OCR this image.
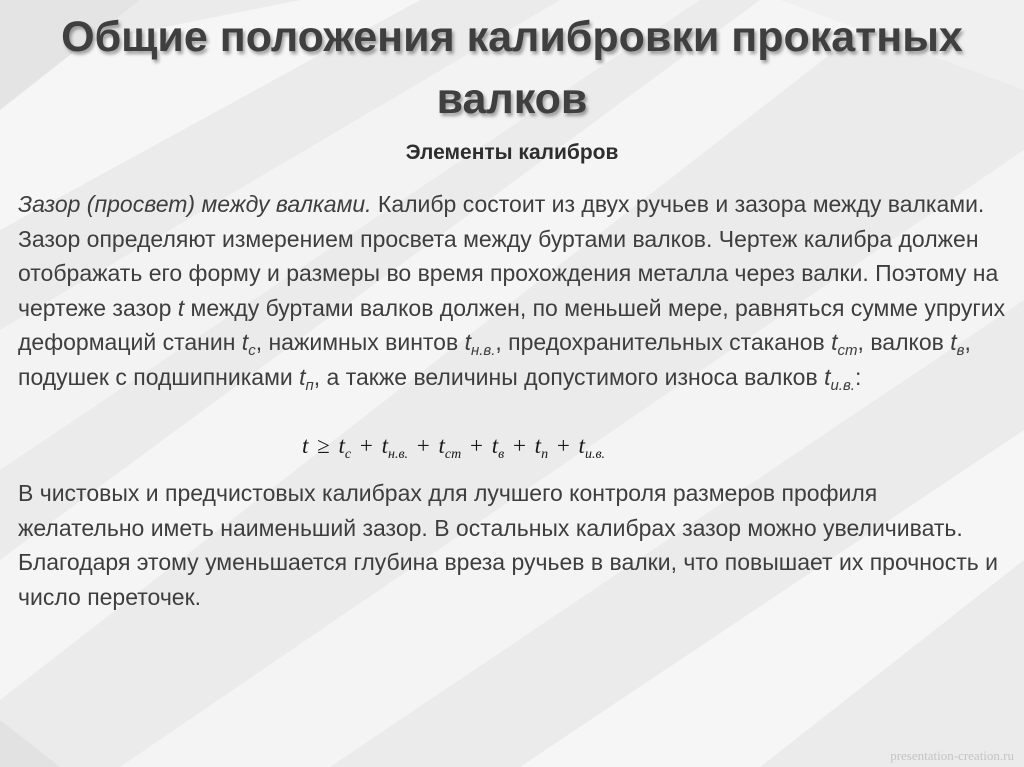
Общие положения калибровки прокатных валков
Элементы калибров

Зазор (просвет) между валками. Калибр состоит из двух ручьев и зазора между валками. Зазор определяют измерением просвета между буртами валков. Чертеж калибра должен отображать его форму и размеры во время прохождения металла через валки. Поэтому на чертеже зазор t между буртами валков должен, по меньшей мере, равняться сумме упругих деформаций станин $t_с$, нажимных винтов $t_{н.в.}$, предохранительных стаканов $t_{ст}$, валков $t_в$, подушек с подшипниками $t_п$, а также величины допустимого износа валков $t_{и.в.}$:

$t \ge t_с + t_{н.в.} + t_{ст} + t_в + t_п + t_{и.в.}$

В чистовых и предчистовых калибрах для лучшего контроля размеров профиля желательно иметь наименьший зазор. В остальных калибрах зазор можно увеличивать. Благодаря этому уменьшается глубина вреза ручьев в валки, что повышает их прочность и число переточек.

presentation-creation.ru
